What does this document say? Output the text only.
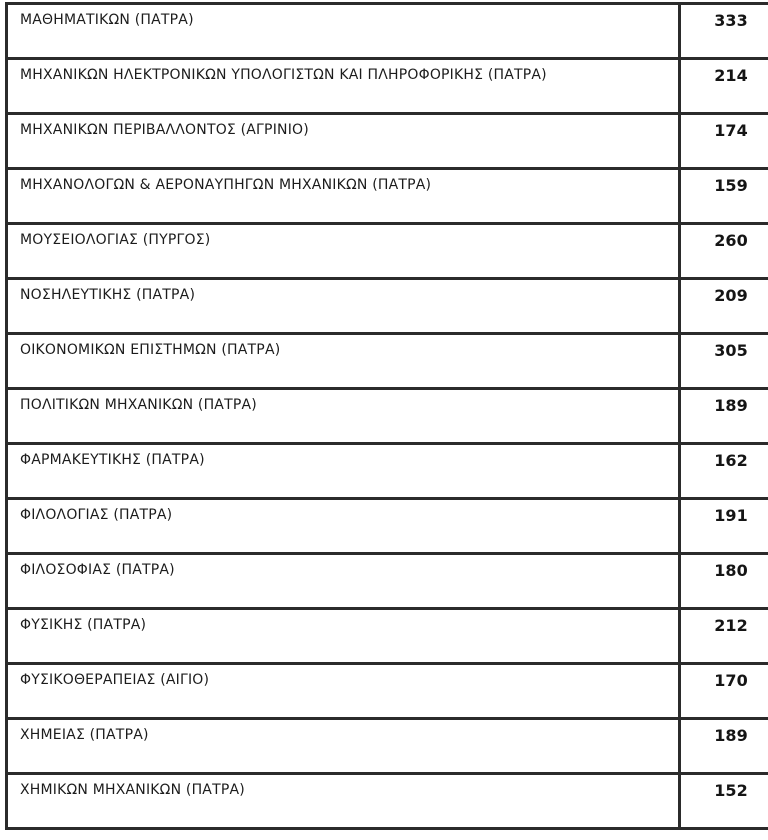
ΜΑΘΗΜΑΤΙΚΩΝ (ΠΑΤΡΑ)	333
ΜΗΧΑΝΙΚΩΝ ΗΛΕΚΤΡΟΝΙΚΩΝ ΥΠΟΛΟΓΙΣΤΩΝ ΚΑΙ ΠΛΗΡΟΦΟΡΙΚΗΣ (ΠΑΤΡΑ)	214
ΜΗΧΑΝΙΚΩΝ ΠΕΡΙΒΑΛΛΟΝΤΟΣ (ΑΓΡΙΝΙΟ)	174
ΜΗΧΑΝΟΛΟΓΩΝ & ΑΕΡΟΝΑΥΠΗΓΩΝ ΜΗΧΑΝΙΚΩΝ (ΠΑΤΡΑ)	159
ΜΟΥΣΕΙΟΛΟΓΙΑΣ (ΠΥΡΓΟΣ)	260
ΝΟΣΗΛΕΥΤΙΚΗΣ (ΠΑΤΡΑ)	209
ΟΙΚΟΝΟΜΙΚΩΝ ΕΠΙΣΤΗΜΩΝ (ΠΑΤΡΑ)	305
ΠΟΛΙΤΙΚΩΝ ΜΗΧΑΝΙΚΩΝ (ΠΑΤΡΑ)	189
ΦΑΡΜΑΚΕΥΤΙΚΗΣ (ΠΑΤΡΑ)	162
ΦΙΛΟΛΟΓΙΑΣ (ΠΑΤΡΑ)	191
ΦΙΛΟΣΟΦΙΑΣ (ΠΑΤΡΑ)	180
ΦΥΣΙΚΗΣ (ΠΑΤΡΑ)	212
ΦΥΣΙΚΟΘΕΡΑΠΕΙΑΣ (ΑΙΓΙΟ)	170
ΧΗΜΕΙΑΣ (ΠΑΤΡΑ)	189
ΧΗΜΙΚΩΝ ΜΗΧΑΝΙΚΩΝ (ΠΑΤΡΑ)	152
